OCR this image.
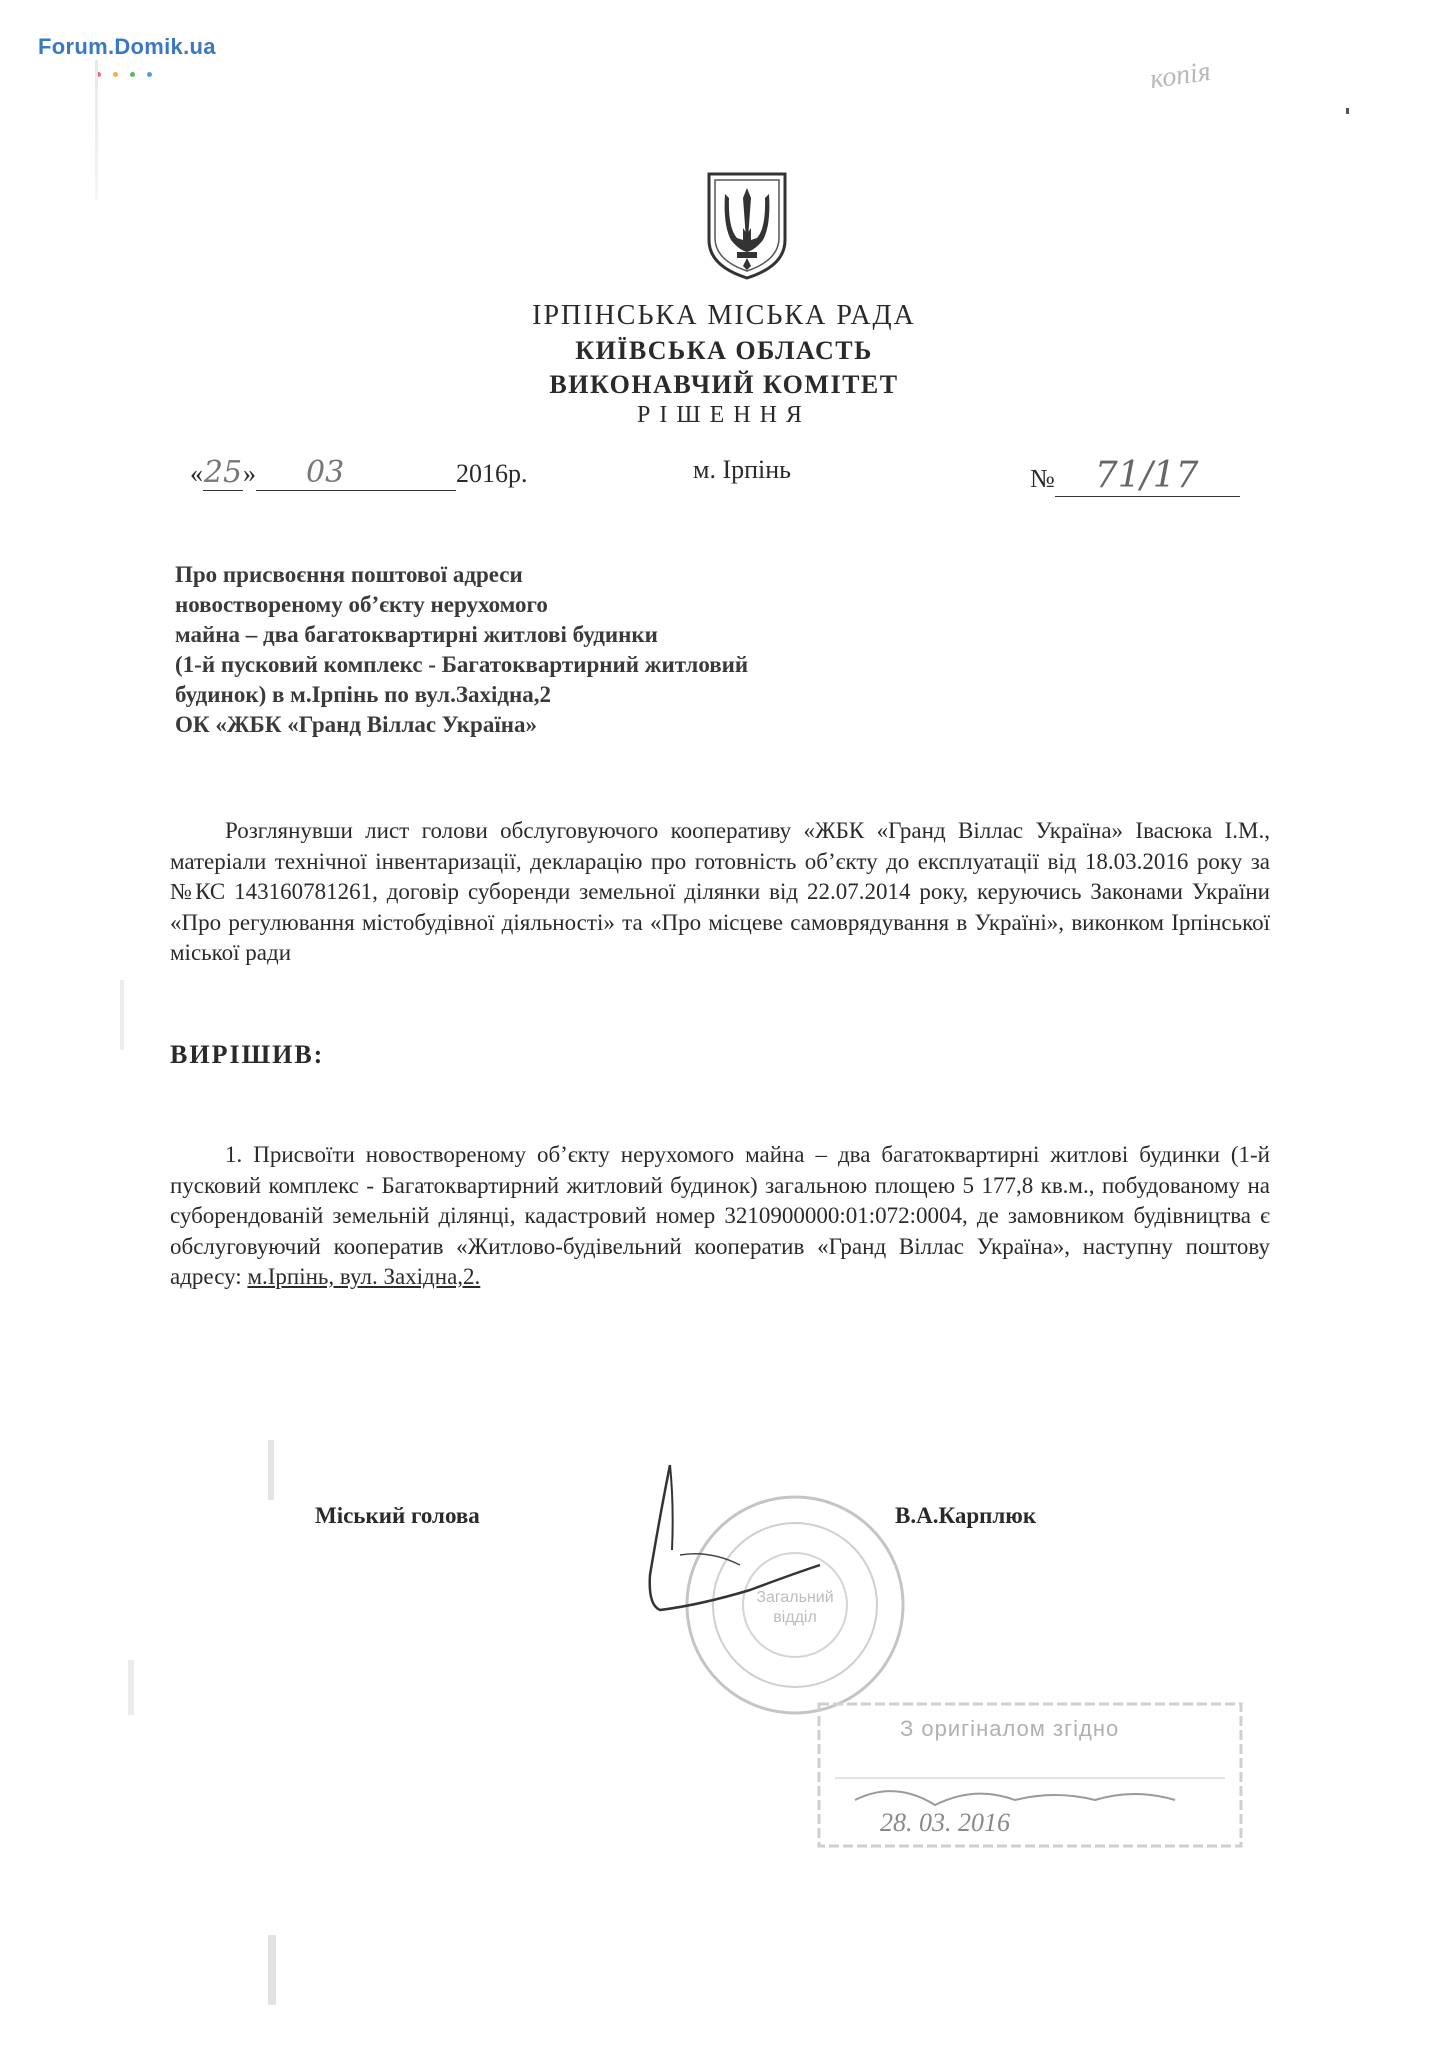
Forum.Domik.ua
копія

ІРПІНСЬКА МІСЬКА РАДА

КИЇВСЬКА ОБЛАСТЬ

ВИКОНАВЧИЙ КОМІТЕТ

РІШЕННЯ

«25» 03	2016р.	м. Ірпінь	№ 71/17

Про присвоєння поштової адреси

новоствореному об’єкту нерухомого

майна – два багатоквартирні житлові будинки

(1-й пусковий комплекс - Багатоквартирний житловий

будинок) в м.Ірпінь по вул.Західна,2

ОК «ЖБК «Гранд Віллас Україна»

Розглянувши лист голови обслуговуючого кооперативу «ЖБК «Гранд Віллас Україна» Івасюка І.М., матеріали технічної інвентаризації, декларацію про готовність об’єкту до експлуатації від 18.03.2016 року за №КС 143160781261, договір суборенди земельної ділянки від 22.07.2014 року, керуючись Законами України «Про регулювання містобудівної діяльності» та «Про місцеве самоврядування в Україні», виконком Ірпінської міської ради

ВИРІШИВ:

1. Присвоїти новоствореному об’єкту нерухомого майна – два багатоквартирні житлові будинки (1-й пусковий комплекс - Багатоквартирний житловий будинок) загальною площею 5 177,8 кв.м., побудованому на суборендованій земельній ділянці, кадастровий номер 3210900000:01:072:0004, де замовником будівництва є обслуговуючий кооператив «Житлово-будівельний кооператив «Гранд Віллас Україна», наступну поштову адресу: м.Ірпінь, вул. Західна,2.

Загальний
відділ

Міський голова	В.А.Карплюк

З оригіналом згідно

28. 03. 2016
